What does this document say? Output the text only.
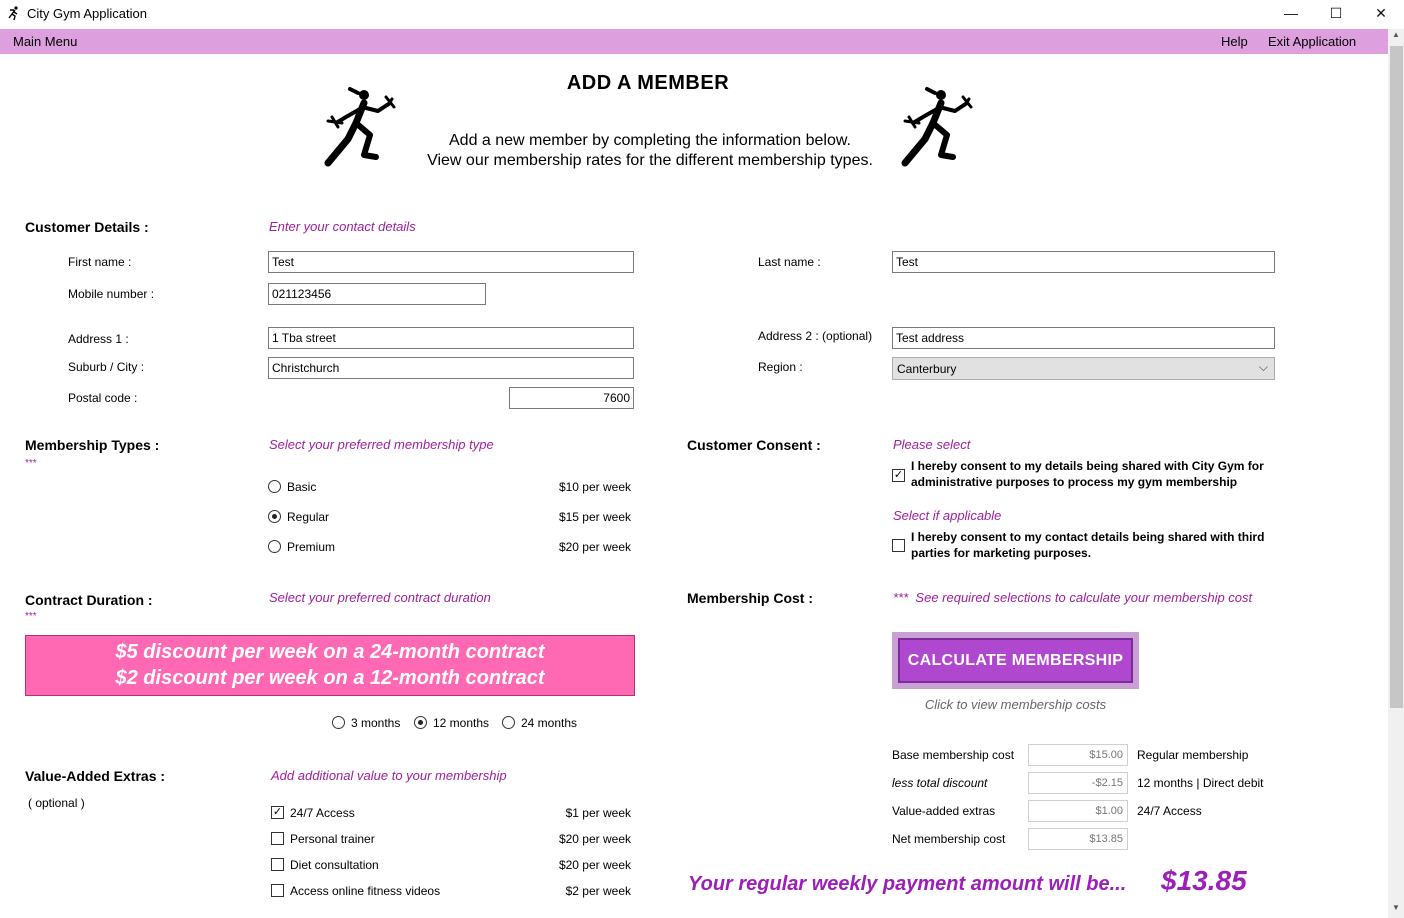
City Gym Application	—	☐	✕
Main Menu	Help Exit Application	▲
▼
ADD A MEMBER
Add a new member by completing the information below.
View our membership rates for the different membership types.
Customer Details :	Enter your contact details
First name :	Test	Last name :	Test
Mobile number :	021123456
Address 1 :	1 Tba street	Address 2 : (optional)	Test address
Suburb / City :	Christchurch	Region :	Canterbury	⌵
Postal code :	7600
Membership Types :
***
Select your preferred membership type
Basic	$10 per week
Regular	$15 per week
Premium	$20 per week
Customer Consent :	Please select
✓
I hereby consent to my details being shared with City Gym for
administrative purposes to process my gym membership
Select if applicable
I hereby consent to my contact details being shared with third
parties for marketing purposes.
Contract Duration :
***
Select your preferred contract duration
$5 discount per week on a 24-month contract
$2 discount per week on a 12-month contract
3 months	12 months	24 months
Membership Cost :	*** See required selections to calculate your membership cost
CALCULATE MEMBERSHIP
Click to view membership costs
Base membership cost	$15.00	Regular membership
less total discount	-$2.15	12 months | Direct debit
Value-added extras	$1.00	24/7 Access
Net membership cost	$13.85
Your regular weekly payment amount will be... $13.85
Value-Added Extras :
( optional )
Add additional value to your membership
✓ 24/7 Access	$1 per week
Personal trainer	$20 per week
Diet consultation	$20 per week
Access online fitness videos	$2 per week
